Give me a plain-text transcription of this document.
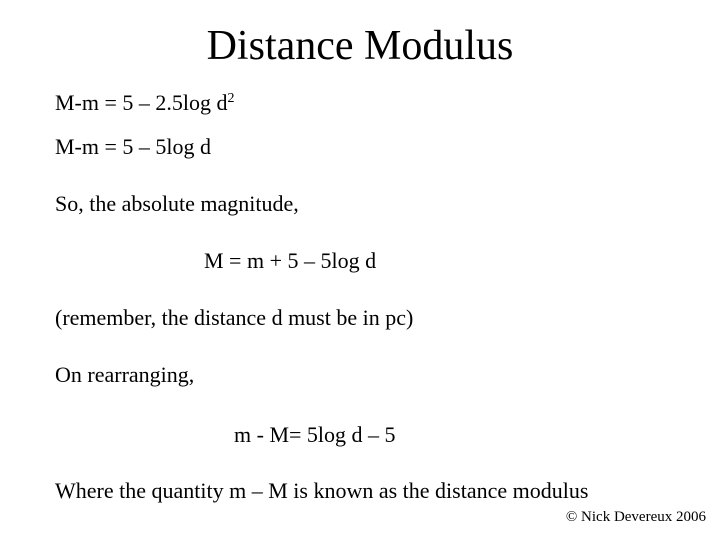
Distance Modulus
M-m = 5 – 2.5log $d^2$
M-m = 5 – 5log d
So, the absolute magnitude,
M = m + 5 – 5log d
(remember, the distance d must be in pc)
On rearranging,
m - M= 5log d – 5
Where the quantity m – M is known as the distance modulus
© Nick Devereux 2006
